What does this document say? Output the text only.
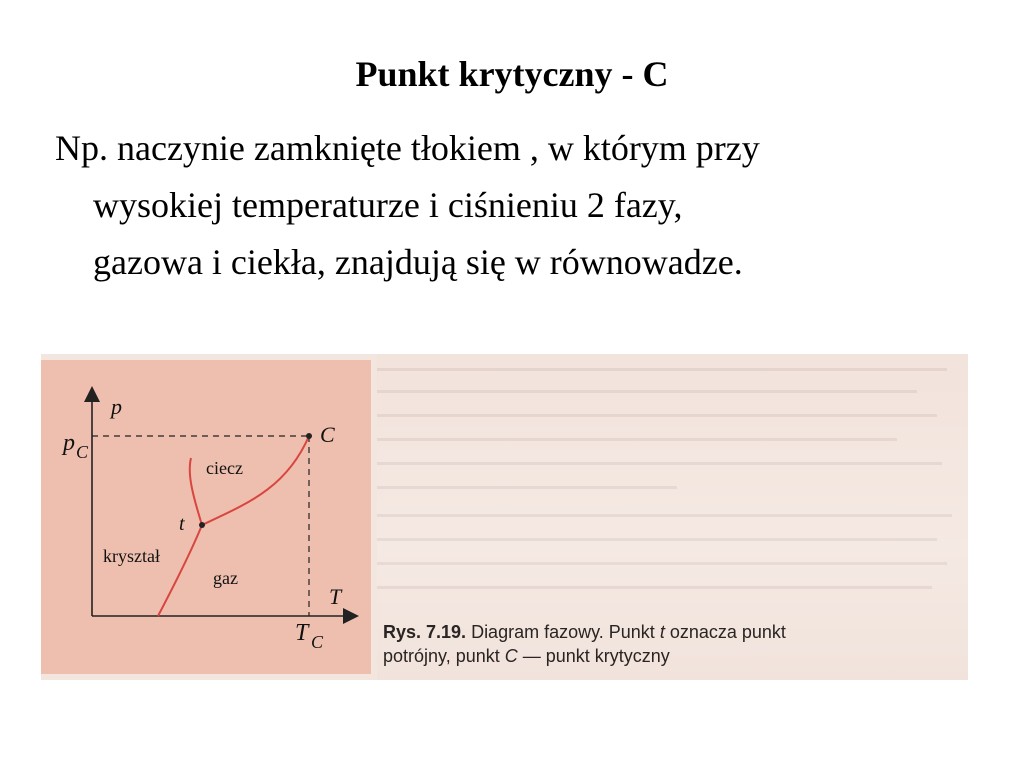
Punkt krytyczny - C
Np. naczynie zamknięte tłokiem , w którym przy
wysokiej temperaturze i ciśnieniu 2 fazy,
gazowa i ciekła, znajdują się w równowadze.
p
T
p C
T C
C
t
ciecz
kryształ
gaz
Rys. 7.19. Diagram fazowy. Punkt t oznacza punkt
potrójny, punkt C — punkt krytyczny
